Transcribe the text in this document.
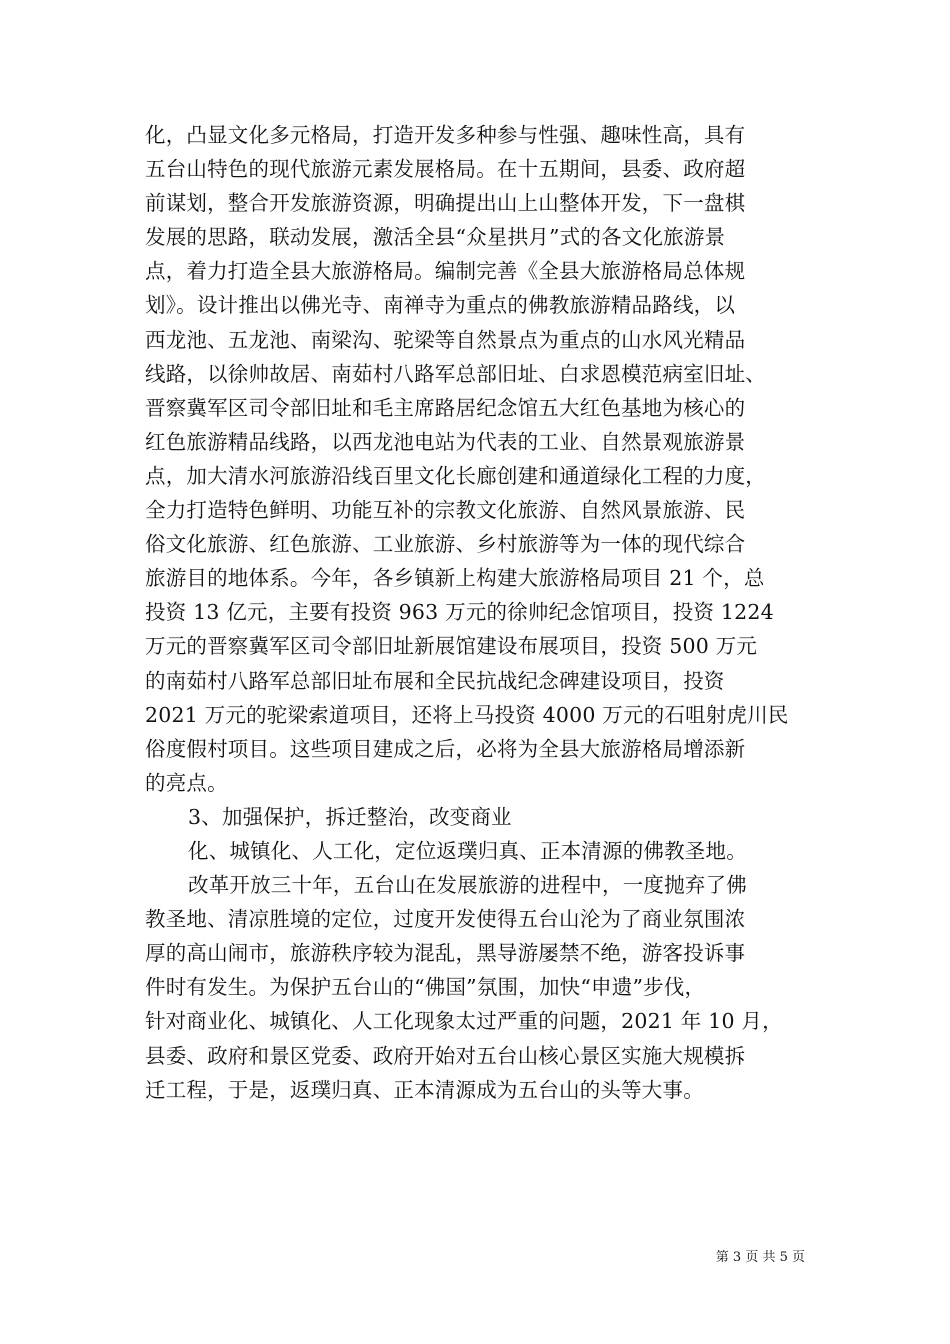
化，凸显文化多元格局，打造开发多种参与性强、趣味性高，具有
五台山特色的现代旅游元素发展格局。在十五期间，县委、政府超
前谋划，整合开发旅游资源，明确提出山上山整体开发，下一盘棋
发展的思路，联动发展，激活全县“众星拱月”式的各文化旅游景
点，着力打造全县大旅游格局。编制完善《全县大旅游格局总体规
划》。设计推出以佛光寺、南禅寺为重点的佛教旅游精品路线，以
西龙池、五龙池、南梁沟、驼梁等自然景点为重点的山水风光精品
线路，以徐帅故居、南茹村八路军总部旧址、白求恩模范病室旧址、
晋察冀军区司令部旧址和毛主席路居纪念馆五大红色基地为核心的
红色旅游精品线路，以西龙池电站为代表的工业、自然景观旅游景
点，加大清水河旅游沿线百里文化长廊创建和通道绿化工程的力度，
全力打造特色鲜明、功能互补的宗教文化旅游、自然风景旅游、民
俗文化旅游、红色旅游、工业旅游、乡村旅游等为一体的现代综合
旅游目的地体系。今年，各乡镇新上构建大旅游格局项目 21 个，总
投资 13 亿元，主要有投资 963 万元的徐帅纪念馆项目，投资 1224
万元的晋察冀军区司令部旧址新展馆建设布展项目，投资 500 万元
的南茹村八路军总部旧址布展和全民抗战纪念碑建设项目，投资
2021 万元的驼梁索道项目，还将上马投资 4000 万元的石咀射虎川民
俗度假村项目。这些项目建成之后，必将为全县大旅游格局增添新
的亮点。
3、加强保护，拆迁整治，改变商业
化、城镇化、人工化，定位返璞归真、正本清源的佛教圣地。
改革开放三十年，五台山在发展旅游的进程中，一度抛弃了佛
教圣地、清凉胜境的定位，过度开发使得五台山沦为了商业氛围浓
厚的高山闹市，旅游秩序较为混乱，黑导游屡禁不绝，游客投诉事
件时有发生。为保护五台山的“佛国”氛围，加快“申遗”步伐，
针对商业化、城镇化、人工化现象太过严重的问题，2021 年 10 月，
县委、政府和景区党委、政府开始对五台山核心景区实施大规模拆
迁工程，于是，返璞归真、正本清源成为五台山的头等大事。
第 3 页 共 5 页
